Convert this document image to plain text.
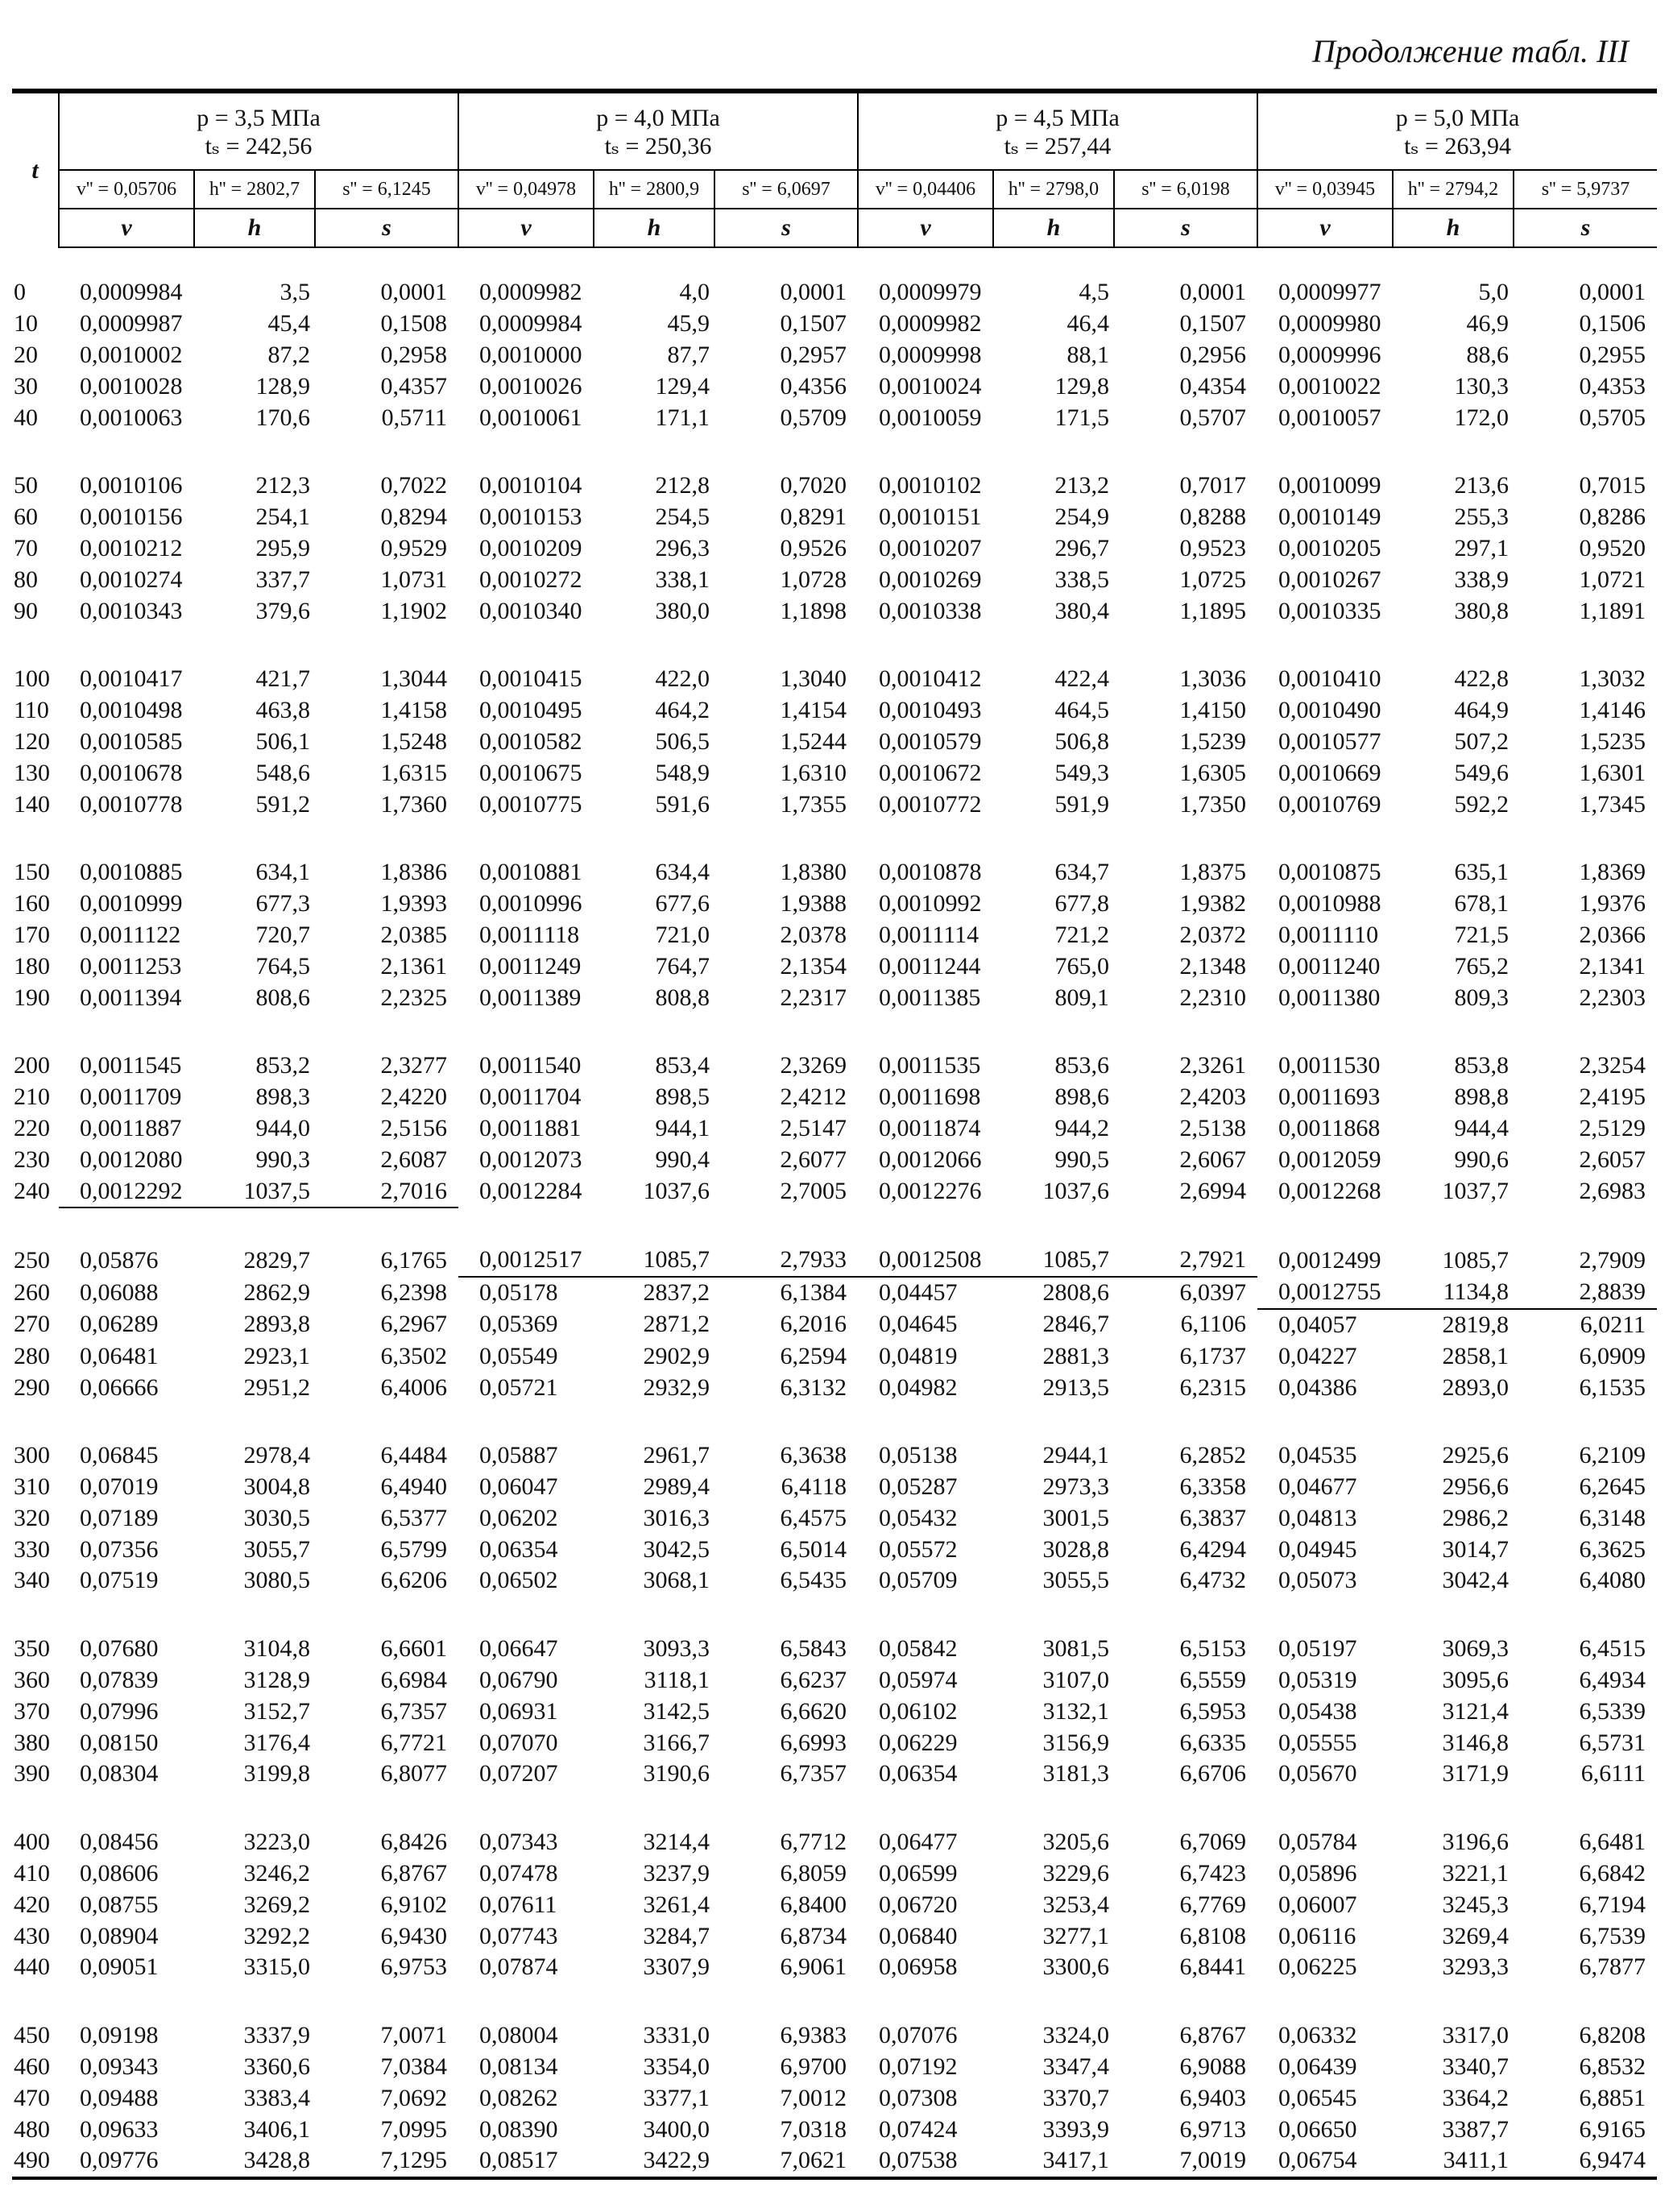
Продолжение табл. III
t	p = 3,5 МПа			p = 4,0 МПа			p = 4,5 МПа			p = 5,0 МПа		
	tₛ = 242,56			tₛ = 250,36			tₛ = 257,44			tₛ = 263,94		
	v'' = 0,05706	h'' = 2802,7	s'' = 6,1245	v'' = 0,04978	h'' = 2800,9	s'' = 6,0697	v'' = 0,04406	h'' = 2798,0	s'' = 6,0198	v'' = 0,03945	h'' = 2794,2	s'' = 5,9737
	v	h	s	v	h	s	v	h	s	v	h	s

0	0,0009984	3,5	0,0001	0,0009982	4,0	0,0001	0,0009979	4,5	0,0001	0,0009977	5,0	0,0001
10	0,0009987	45,4	0,1508	0,0009984	45,9	0,1507	0,0009982	46,4	0,1507	0,0009980	46,9	0,1506
20	0,0010002	87,2	0,2958	0,0010000	87,7	0,2957	0,0009998	88,1	0,2956	0,0009996	88,6	0,2955
30	0,0010028	128,9	0,4357	0,0010026	129,4	0,4356	0,0010024	129,8	0,4354	0,0010022	130,3	0,4353
40	0,0010063	170,6	0,5711	0,0010061	171,1	0,5709	0,0010059	171,5	0,5707	0,0010057	172,0	0,5705
50	0,0010106	212,3	0,7022	0,0010104	212,8	0,7020	0,0010102	213,2	0,7017	0,0010099	213,6	0,7015
60	0,0010156	254,1	0,8294	0,0010153	254,5	0,8291	0,0010151	254,9	0,8288	0,0010149	255,3	0,8286
70	0,0010212	295,9	0,9529	0,0010209	296,3	0,9526	0,0010207	296,7	0,9523	0,0010205	297,1	0,9520
80	0,0010274	337,7	1,0731	0,0010272	338,1	1,0728	0,0010269	338,5	1,0725	0,0010267	338,9	1,0721
90	0,0010343	379,6	1,1902	0,0010340	380,0	1,1898	0,0010338	380,4	1,1895	0,0010335	380,8	1,1891
100	0,0010417	421,7	1,3044	0,0010415	422,0	1,3040	0,0010412	422,4	1,3036	0,0010410	422,8	1,3032
110	0,0010498	463,8	1,4158	0,0010495	464,2	1,4154	0,0010493	464,5	1,4150	0,0010490	464,9	1,4146
120	0,0010585	506,1	1,5248	0,0010582	506,5	1,5244	0,0010579	506,8	1,5239	0,0010577	507,2	1,5235
130	0,0010678	548,6	1,6315	0,0010675	548,9	1,6310	0,0010672	549,3	1,6305	0,0010669	549,6	1,6301
140	0,0010778	591,2	1,7360	0,0010775	591,6	1,7355	0,0010772	591,9	1,7350	0,0010769	592,2	1,7345
150	0,0010885	634,1	1,8386	0,0010881	634,4	1,8380	0,0010878	634,7	1,8375	0,0010875	635,1	1,8369
160	0,0010999	677,3	1,9393	0,0010996	677,6	1,9388	0,0010992	677,8	1,9382	0,0010988	678,1	1,9376
170	0,0011122	720,7	2,0385	0,0011118	721,0	2,0378	0,0011114	721,2	2,0372	0,0011110	721,5	2,0366
180	0,0011253	764,5	2,1361	0,0011249	764,7	2,1354	0,0011244	765,0	2,1348	0,0011240	765,2	2,1341
190	0,0011394	808,6	2,2325	0,0011389	808,8	2,2317	0,0011385	809,1	2,2310	0,0011380	809,3	2,2303
200	0,0011545	853,2	2,3277	0,0011540	853,4	2,3269	0,0011535	853,6	2,3261	0,0011530	853,8	2,3254
210	0,0011709	898,3	2,4220	0,0011704	898,5	2,4212	0,0011698	898,6	2,4203	0,0011693	898,8	2,4195
220	0,0011887	944,0	2,5156	0,0011881	944,1	2,5147	0,0011874	944,2	2,5138	0,0011868	944,4	2,5129
230	0,0012080	990,3	2,6087	0,0012073	990,4	2,6077	0,0012066	990,5	2,6067	0,0012059	990,6	2,6057
240	0,0012292	1037,5	2,7016	0,0012284	1037,6	2,7005	0,0012276	1037,6	2,6994	0,0012268	1037,7	2,6983
250	0,05876	2829,7	6,1765	0,0012517	1085,7	2,7933	0,0012508	1085,7	2,7921	0,0012499	1085,7	2,7909
260	0,06088	2862,9	6,2398	0,05178	2837,2	6,1384	0,04457	2808,6	6,0397	0,0012755	1134,8	2,8839
270	0,06289	2893,8	6,2967	0,05369	2871,2	6,2016	0,04645	2846,7	6,1106	0,04057	2819,8	6,0211
280	0,06481	2923,1	6,3502	0,05549	2902,9	6,2594	0,04819	2881,3	6,1737	0,04227	2858,1	6,0909
290	0,06666	2951,2	6,4006	0,05721	2932,9	6,3132	0,04982	2913,5	6,2315	0,04386	2893,0	6,1535
300	0,06845	2978,4	6,4484	0,05887	2961,7	6,3638	0,05138	2944,1	6,2852	0,04535	2925,6	6,2109
310	0,07019	3004,8	6,4940	0,06047	2989,4	6,4118	0,05287	2973,3	6,3358	0,04677	2956,6	6,2645
320	0,07189	3030,5	6,5377	0,06202	3016,3	6,4575	0,05432	3001,5	6,3837	0,04813	2986,2	6,3148
330	0,07356	3055,7	6,5799	0,06354	3042,5	6,5014	0,05572	3028,8	6,4294	0,04945	3014,7	6,3625
340	0,07519	3080,5	6,6206	0,06502	3068,1	6,5435	0,05709	3055,5	6,4732	0,05073	3042,4	6,4080
350	0,07680	3104,8	6,6601	0,06647	3093,3	6,5843	0,05842	3081,5	6,5153	0,05197	3069,3	6,4515
360	0,07839	3128,9	6,6984	0,06790	3118,1	6,6237	0,05974	3107,0	6,5559	0,05319	3095,6	6,4934
370	0,07996	3152,7	6,7357	0,06931	3142,5	6,6620	0,06102	3132,1	6,5953	0,05438	3121,4	6,5339
380	0,08150	3176,4	6,7721	0,07070	3166,7	6,6993	0,06229	3156,9	6,6335	0,05555	3146,8	6,5731
390	0,08304	3199,8	6,8077	0,07207	3190,6	6,7357	0,06354	3181,3	6,6706	0,05670	3171,9	6,6111
400	0,08456	3223,0	6,8426	0,07343	3214,4	6,7712	0,06477	3205,6	6,7069	0,05784	3196,6	6,6481
410	0,08606	3246,2	6,8767	0,07478	3237,9	6,8059	0,06599	3229,6	6,7423	0,05896	3221,1	6,6842
420	0,08755	3269,2	6,9102	0,07611	3261,4	6,8400	0,06720	3253,4	6,7769	0,06007	3245,3	6,7194
430	0,08904	3292,2	6,9430	0,07743	3284,7	6,8734	0,06840	3277,1	6,8108	0,06116	3269,4	6,7539
440	0,09051	3315,0	6,9753	0,07874	3307,9	6,9061	0,06958	3300,6	6,8441	0,06225	3293,3	6,7877
450	0,09198	3337,9	7,0071	0,08004	3331,0	6,9383	0,07076	3324,0	6,8767	0,06332	3317,0	6,8208
460	0,09343	3360,6	7,0384	0,08134	3354,0	6,9700	0,07192	3347,4	6,9088	0,06439	3340,7	6,8532
470	0,09488	3383,4	7,0692	0,08262	3377,1	7,0012	0,07308	3370,7	6,9403	0,06545	3364,2	6,8851
480	0,09633	3406,1	7,0995	0,08390	3400,0	7,0318	0,07424	3393,9	6,9713	0,06650	3387,7	6,9165
490	0,09776	3428,8	7,1295	0,08517	3422,9	7,0621	0,07538	3417,1	7,0019	0,06754	3411,1	6,9474
